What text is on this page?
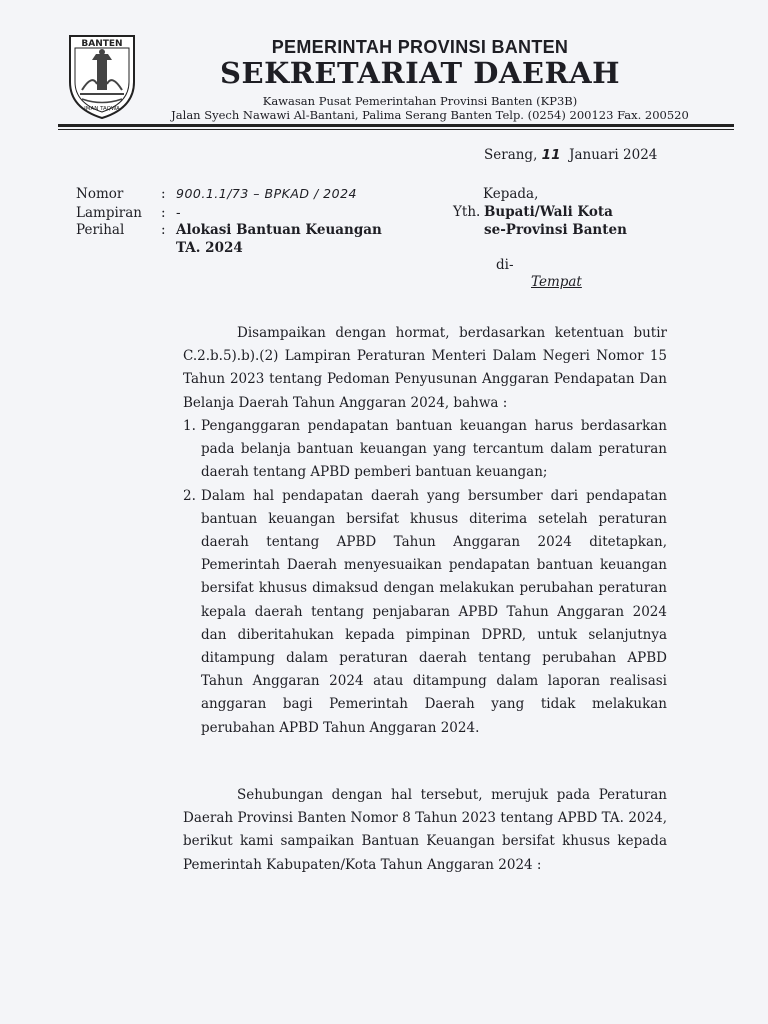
BANTEN
IMAN TAQWA
PEMERINTAH PROVINSI BANTEN
SEKRETARIAT DAERAH
Kawasan Pusat Pemerintahan Provinsi Banten (KP3B)
Jalan Syech Nawawi Al-Bantani, Palima Serang Banten Telp. (0254) 200123 Fax. 200520
Serang, 11 Januari 2024
Nomor	: 900.1.1/73 – BPKAD / 2024
Lampiran	: -
Perihal	: Alokasi Bantuan Keuangan
TA. 2024
Kepada,
Yth. Bupati/Wali Kota
se-Provinsi Banten
di-
Tempat

Disampaikan dengan hormat, berdasarkan ketentuan butir C.2.b.5).b).(2) Lampiran Peraturan Menteri Dalam Negeri Nomor 15 Tahun 2023 tentang Pedoman Penyusunan Anggaran Pendapatan Dan Belanja Daerah Tahun Anggaran 2024, bahwa :

1. Penganggaran pendapatan bantuan keuangan harus berdasarkan pada belanja bantuan keuangan yang tercantum dalam peraturan daerah tentang APBD pemberi bantuan keuangan;
2. Dalam hal pendapatan daerah yang bersumber dari pendapatan bantuan keuangan bersifat khusus diterima setelah peraturan daerah tentang APBD Tahun Anggaran 2024 ditetapkan, Pemerintah Daerah menyesuaikan pendapatan bantuan keuangan bersifat khusus dimaksud dengan melakukan perubahan peraturan kepala daerah tentang penjabaran APBD Tahun Anggaran 2024 dan diberitahukan kepada pimpinan DPRD, untuk selanjutnya ditampung dalam peraturan daerah tentang perubahan APBD Tahun Anggaran 2024 atau ditampung dalam laporan realisasi anggaran bagi Pemerintah Daerah yang tidak melakukan perubahan APBD Tahun Anggaran 2024.

Sehubungan dengan hal tersebut, merujuk pada Peraturan Daerah Provinsi Banten Nomor 8 Tahun 2023 tentang APBD TA. 2024, berikut kami sampaikan Bantuan Keuangan bersifat khusus kepada Pemerintah Kabupaten/Kota Tahun Anggaran 2024 :
